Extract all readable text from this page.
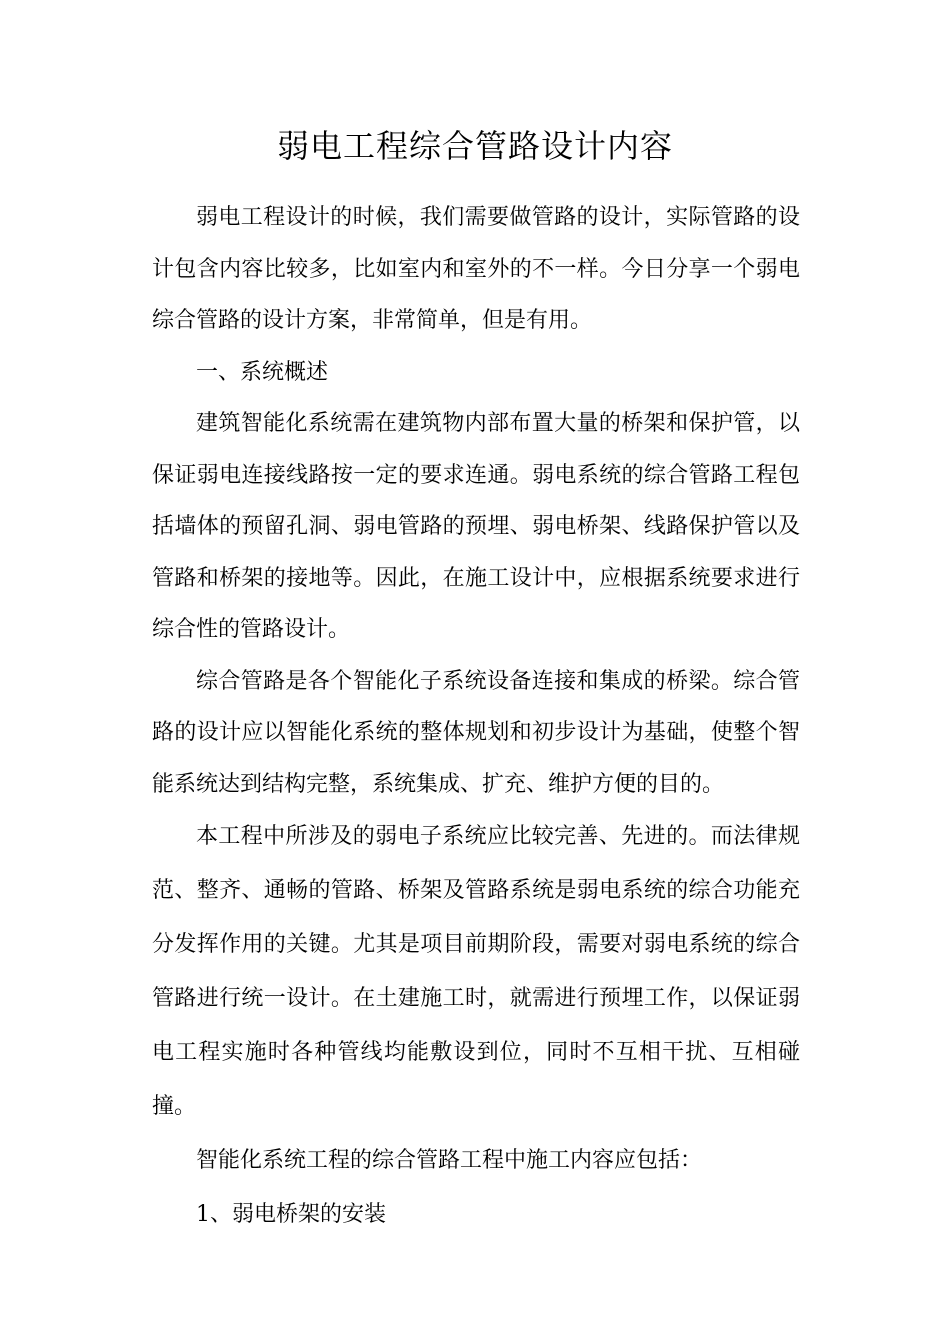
弱电工程综合管路设计内容

弱电工程设计的时候，我们需要做管路的设计，实际管路的设计包含内容比较多，比如室内和室外的不一样。今日分享一个弱电综合管路的设计方案，非常简单，但是有用。

一、系统概述

建筑智能化系统需在建筑物内部布置大量的桥架和保护管，以保证弱电连接线路按一定的要求连通。弱电系统的综合管路工程包括墙体的预留孔洞、弱电管路的预埋、弱电桥架、线路保护管以及管路和桥架的接地等。因此，在施工设计中，应根据系统要求进行综合性的管路设计。

综合管路是各个智能化子系统设备连接和集成的桥梁。综合管路的设计应以智能化系统的整体规划和初步设计为基础，使整个智能系统达到结构完整，系统集成、扩充、维护方便的目的。

本工程中所涉及的弱电子系统应比较完善、先进的。而法律规范、整齐、通畅的管路、桥架及管路系统是弱电系统的综合功能充分发挥作用的关键。尤其是项目前期阶段，需要对弱电系统的综合管路进行统一设计。在土建施工时，就需进行预埋工作，以保证弱电工程实施时各种管线均能敷设到位，同时不互相干扰、互相碰撞。

智能化系统工程的综合管路工程中施工内容应包括：

1、弱电桥架的安装
